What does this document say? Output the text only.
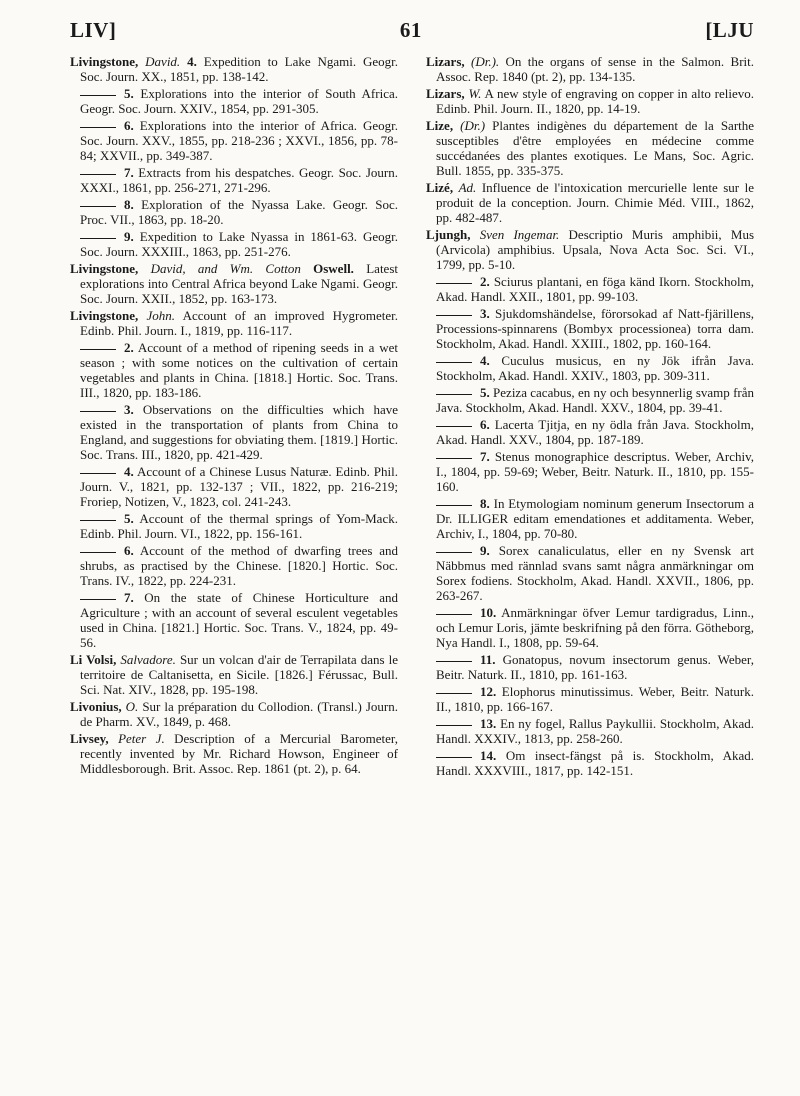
LIV]	61	[LJU

Livingstone, David. 4. Expedition to Lake Ngami. Geogr. Soc. Journ. XX., 1851, pp. 138-142.

5. Explorations into the interior of South Africa. Geogr. Soc. Journ. XXIV., 1854, pp. 291-305.

6. Explorations into the interior of Africa. Geogr. Soc. Journ. XXV., 1855, pp. 218-236 ; XXVI., 1856, pp. 78-84; XXVII., pp. 349-387.

7. Extracts from his despatches. Geogr. Soc. Journ. XXXI., 1861, pp. 256-271, 271-296.

8. Exploration of the Nyassa Lake. Geogr. Soc. Proc. VII., 1863, pp. 18-20.

9. Expedition to Lake Nyassa in 1861-63. Geogr. Soc. Journ. XXXIII., 1863, pp. 251-276.

Livingstone, David, and Wm. Cotton Oswell. Latest explorations into Central Africa beyond Lake Ngami. Geogr. Soc. Journ. XXII., 1852, pp. 163-173.

Livingstone, John. Account of an improved Hygrometer. Edinb. Phil. Journ. I., 1819, pp. 116-117.

2. Account of a method of ripening seeds in a wet season ; with some notices on the cultivation of certain vegetables and plants in China. [1818.] Hortic. Soc. Trans. III., 1820, pp. 183-186.

3. Observations on the difficulties which have existed in the transportation of plants from China to England, and suggestions for obviating them. [1819.] Hortic. Soc. Trans. III., 1820, pp. 421-429.

4. Account of a Chinese Lusus Naturæ. Edinb. Phil. Journ. V., 1821, pp. 132-137 ; VII., 1822, pp. 216-219; Froriep, Notizen, V., 1823, col. 241-243.

5. Account of the thermal springs of Yom-Mack. Edinb. Phil. Journ. VI., 1822, pp. 156-161.

6. Account of the method of dwarfing trees and shrubs, as practised by the Chinese. [1820.] Hortic. Soc. Trans. IV., 1822, pp. 224-231.

7. On the state of Chinese Horticulture and Agriculture ; with an account of several esculent vegetables used in China. [1821.] Hortic. Soc. Trans. V., 1824, pp. 49-56.

Li Volsi, Salvadore. Sur un volcan d'air de Terrapilata dans le territoire de Caltanisetta, en Sicile. [1826.] Férussac, Bull. Sci. Nat. XIV., 1828, pp. 195-198.

Livonius, O. Sur la préparation du Collodion. (Transl.) Journ. de Pharm. XV., 1849, p. 468.

Livsey, Peter J. Description of a Mercurial Barometer, recently invented by Mr. Richard Howson, Engineer of Middlesborough. Brit. Assoc. Rep. 1861 (pt. 2), p. 64.

Lizars, (Dr.). On the organs of sense in the Salmon. Brit. Assoc. Rep. 1840 (pt. 2), pp. 134-135.

Lizars, W. A new style of engraving on copper in alto relievo. Edinb. Phil. Journ. II., 1820, pp. 14-19.

Lize, (Dr.) Plantes indigènes du département de la Sarthe susceptibles d'être employées en médecine comme succédanées des plantes exotiques. Le Mans, Soc. Agric. Bull. 1855, pp. 335-375.

Lizé, Ad. Influence de l'intoxication mercurielle lente sur le produit de la conception. Journ. Chimie Méd. VIII., 1862, pp. 482-487.

Ljungh, Sven Ingemar. Descriptio Muris amphibii, Mus (Arvicola) amphibius. Upsala, Nova Acta Soc. Sci. VI., 1799, pp. 5-10.

2. Sciurus plantani, en föga känd Ikorn. Stockholm, Akad. Handl. XXII., 1801, pp. 99-103.

3. Sjukdomshändelse, förorsokad af Natt-fjärillens, Processions-spinnarens (Bombyx processionea) torra dam. Stockholm, Akad. Handl. XXIII., 1802, pp. 160-164.

4. Cuculus musicus, en ny Jök ifrån Java. Stockholm, Akad. Handl. XXIV., 1803, pp. 309-311.

5. Peziza cacabus, en ny och besynnerlig svamp från Java. Stockholm, Akad. Handl. XXV., 1804, pp. 39-41.

6. Lacerta Tjitja, en ny ödla från Java. Stockholm, Akad. Handl. XXV., 1804, pp. 187-189.

7. Stenus monographice descriptus. Weber, Archiv, I., 1804, pp. 59-69; Weber, Beitr. Naturk. II., 1810, pp. 155-160.

8. In Etymologiam nominum generum Insectorum a Dr. ILLIGER editam emendationes et additamenta. Weber, Archiv, I., 1804, pp. 70-80.

9. Sorex canaliculatus, eller en ny Svensk art Näbbmus med rännlad svans samt några anmärkningar om Sorex fodiens. Stockholm, Akad. Handl. XXVII., 1806, pp. 263-267.

10. Anmärkningar öfver Lemur tardigradus, Linn., och Lemur Loris, jämte beskrifning på den förra. Götheborg, Nya Handl. I., 1808, pp. 59-64.

11. Gonatopus, novum insectorum genus. Weber, Beitr. Naturk. II., 1810, pp. 161-163.

12. Elophorus minutissimus. Weber, Beitr. Naturk. II., 1810, pp. 166-167.

13. En ny fogel, Rallus Paykullii. Stockholm, Akad. Handl. XXXIV., 1813, pp. 258-260.

14. Om insect-fängst på is. Stockholm, Akad. Handl. XXXVIII., 1817, pp. 142-151.
